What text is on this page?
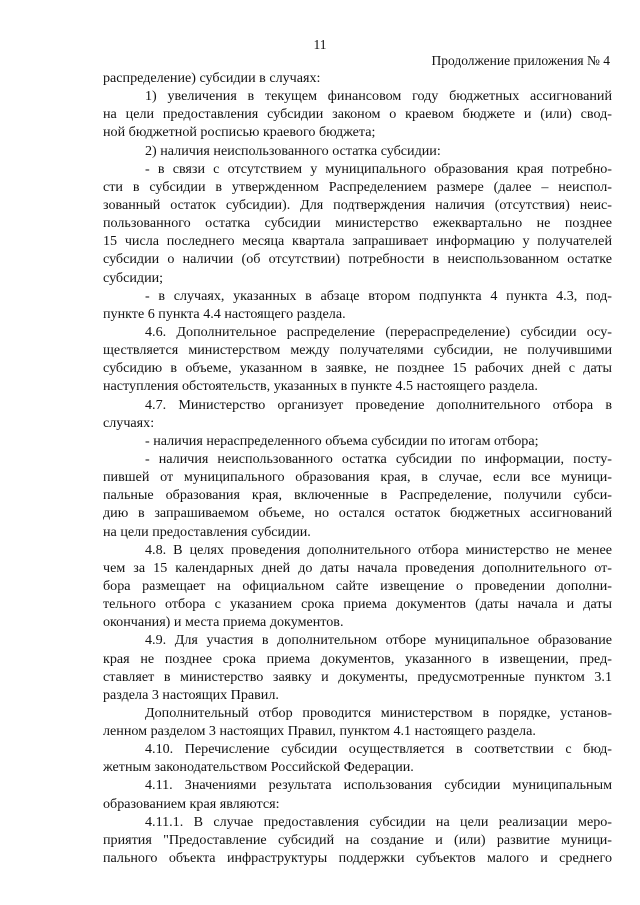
11
Продолжение приложения № 4
распределение) субсидии в случаях:
1) увеличения в текущем финансовом году бюджетных ассигнований
на цели предоставления субсидии законом о краевом бюджете и (или) свод-
ной бюджетной росписью краевого бюджета;
2) наличия неиспользованного остатка субсидии:
- в связи с отсутствием у муниципального образования края потребно-
сти в субсидии в утвержденном Распределением размере (далее – неиспол-
зованный остаток субсидии). Для подтверждения наличия (отсутствия) неис-
пользованного остатка субсидии министерство ежеквартально не позднее
15 числа последнего месяца квартала запрашивает информацию у получателей
субсидии о наличии (об отсутствии) потребности в неиспользованном остатке
субсидии;
- в случаях, указанных в абзаце втором подпункта 4 пункта 4.3, под-
пункте 6 пункта 4.4 настоящего раздела.
4.6. Дополнительное распределение (перераспределение) субсидии осу-
ществляется министерством между получателями субсидии, не получившими
субсидию в объеме, указанном в заявке, не позднее 15 рабочих дней с даты
наступления обстоятельств, указанных в пункте 4.5 настоящего раздела.
4.7. Министерство организует проведение дополнительного отбора в
случаях:
- наличия нераспределенного объема субсидии по итогам отбора;
- наличия неиспользованного остатка субсидии по информации, посту-
пившей от муниципального образования края, в случае, если все муници-
пальные образования края, включенные в Распределение, получили субси-
дию в запрашиваемом объеме, но остался остаток бюджетных ассигнований
на цели предоставления субсидии.
4.8. В целях проведения дополнительного отбора министерство не менее
чем за 15 календарных дней до даты начала проведения дополнительного от-
бора размещает на официальном сайте извещение о проведении дополни-
тельного отбора с указанием срока приема документов (даты начала и даты
окончания) и места приема документов.
4.9. Для участия в дополнительном отборе муниципальное образование
края не позднее срока приема документов, указанного в извещении, пред-
ставляет в министерство заявку и документы, предусмотренные пунктом 3.1
раздела 3 настоящих Правил.
Дополнительный отбор проводится министерством в порядке, установ-
ленном разделом 3 настоящих Правил, пунктом 4.1 настоящего раздела.
4.10. Перечисление субсидии осуществляется в соответствии с бюд-
жетным законодательством Российской Федерации.
4.11. Значениями результата использования субсидии муниципальным
образованием края являются:
4.11.1. В случае предоставления субсидии на цели реализации меро-
приятия "Предоставление субсидий на создание и (или) развитие муници-
пального объекта инфраструктуры поддержки субъектов малого и среднего
